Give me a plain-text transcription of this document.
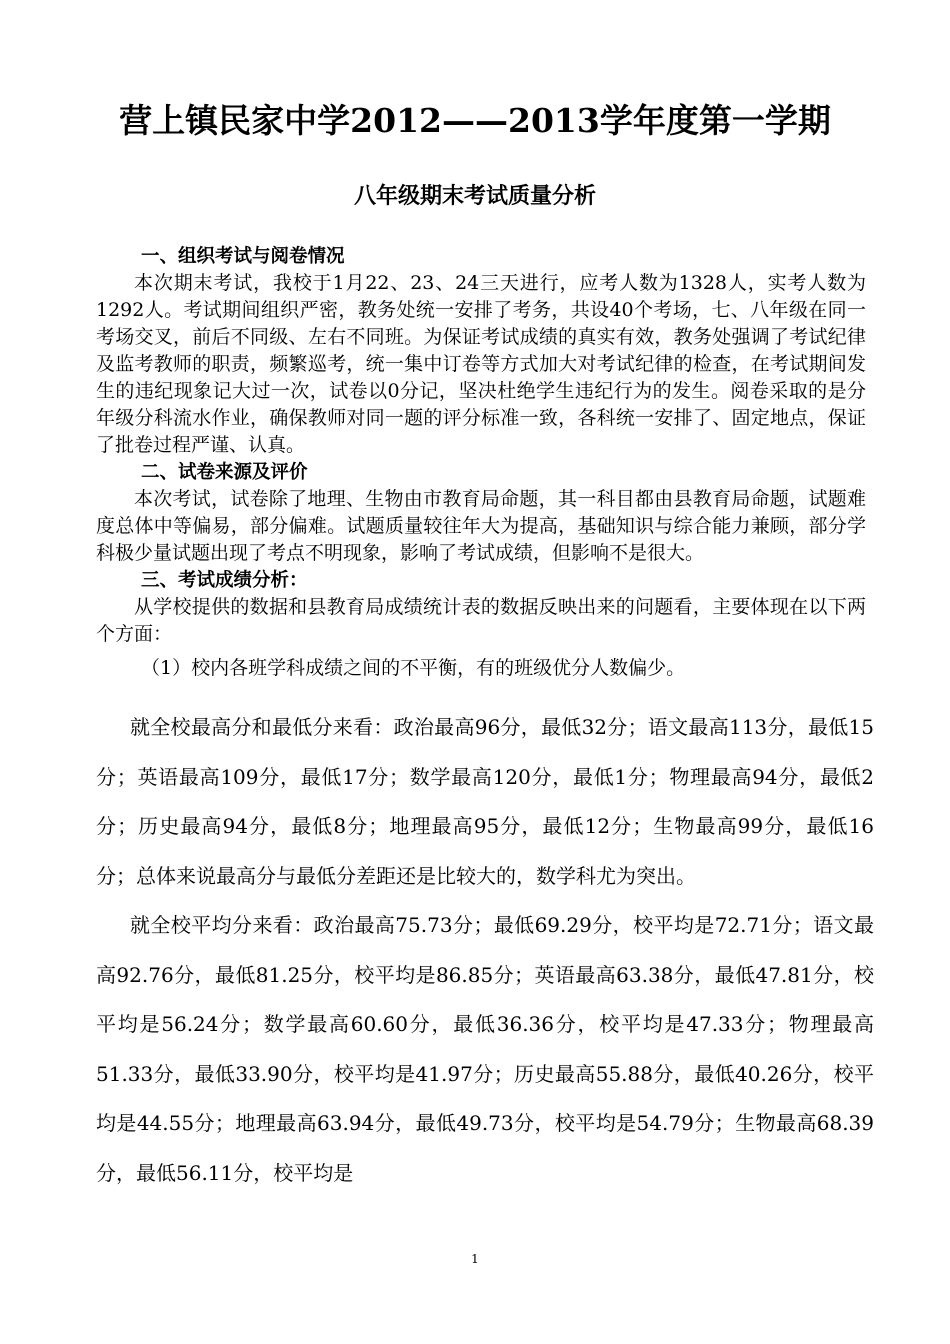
营上镇民家中学2012——2013学年度第一学期
八年级期末考试质量分析

一、组织考试与阅卷情况

本次期末考试，我校于1月22、23、24三天进行，应考人数为1328人，实考人数为1292人。考试期间组织严密，教务处统一安排了考务，共设40个考场，七、八年级在同一考场交叉，前后不同级、左右不同班。为保证考试成绩的真实有效，教务处强调了考试纪律及监考教师的职责，频繁巡考，统一集中订卷等方式加大对考试纪律的检查，在考试期间发生的违纪现象记大过一次，试卷以0分记，坚决杜绝学生违纪行为的发生。阅卷采取的是分年级分科流水作业，确保教师对同一题的评分标准一致，各科统一安排了、固定地点，保证了批卷过程严谨、认真。

二、试卷来源及评价

本次考试，试卷除了地理、生物由市教育局命题，其一科目都由县教育局命题，试题难度总体中等偏易，部分偏难。试题质量较往年大为提高，基础知识与综合能力兼顾，部分学科极少量试题出现了考点不明现象，影响了考试成绩，但影响不是很大。

三、考试成绩分析：

从学校提供的数据和县教育局成绩统计表的数据反映出来的问题看，主要体现在以下两个方面：

（1）校内各班学科成绩之间的不平衡，有的班级优分人数偏少。

就全校最高分和最低分来看：政治最高96分，最低32分；语文最高113分，最低15分；英语最高109分，最低17分；数学最高120分，最低1分；物理最高94分，最低2分；历史最高94分，最低8分；地理最高95分，最低12分；生物最高99分，最低16分；总体来说最高分与最低分差距还是比较大的，数学科尤为突出。

就全校平均分来看：政治最高75.73分；最低69.29分，校平均是72.71分；语文最高92.76分，最低81.25分，校平均是86.85分；英语最高63.38分，最低47.81分，校平均是56.24分；数学最高60.60分，最低36.36分，校平均是47.33分；物理最高51.33分，最低33.90分，校平均是41.97分；历史最高55.88分，最低40.26分，校平均是44.55分；地理最高63.94分，最低49.73分，校平均是54.79分；生物最高68.39分，最低56.11分，校平均是

1
